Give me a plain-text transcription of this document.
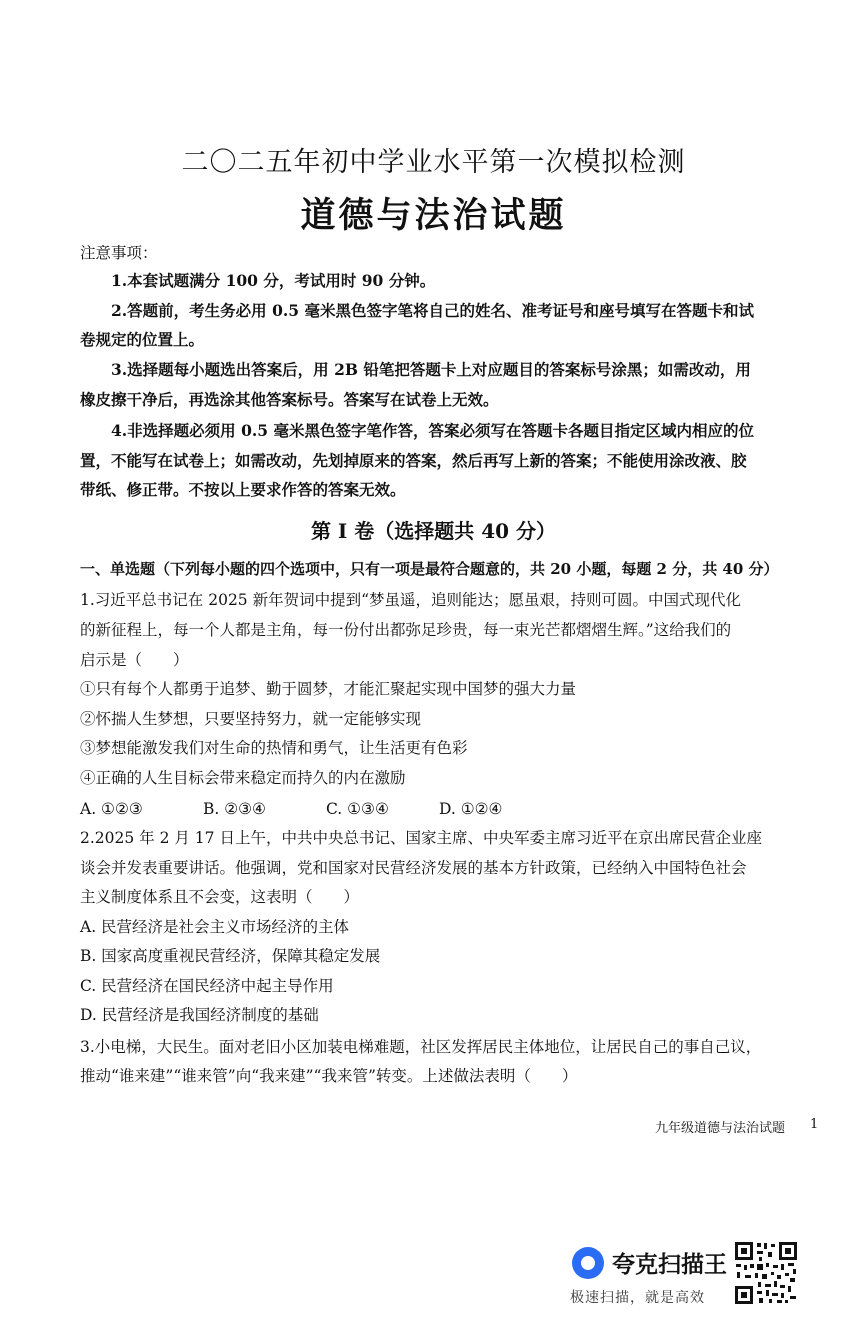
二〇二五年初中学业水平第一次模拟检测
道德与法治试题
注意事项：
1.本套试题满分 100 分，考试用时 90 分钟。
2.答题前，考生务必用 0.5 毫米黑色签字笔将自己的姓名、准考证号和座号填写在答题卡和试
卷规定的位置上。
3.选择题每小题选出答案后，用 2B 铅笔把答题卡上对应题目的答案标号涂黑；如需改动，用
橡皮擦干净后，再选涂其他答案标号。答案写在试卷上无效。
4.非选择题必须用 0.5 毫米黑色签字笔作答，答案必须写在答题卡各题目指定区域内相应的位
置，不能写在试卷上；如需改动，先划掉原来的答案，然后再写上新的答案；不能使用涂改液、胶
带纸、修正带。不按以上要求作答的答案无效。
第 I 卷（选择题共 40 分）
一、单选题（下列每小题的四个选项中，只有一项是最符合题意的，共 20 小题，每题 2 分，共 40 分）
1.习近平总书记在 2025 新年贺词中提到“梦虽遥，追则能达；愿虽艰，持则可圆。中国式现代化
的新征程上，每一个人都是主角，每一份付出都弥足珍贵，每一束光芒都熠熠生辉。”这给我们的
启示是（　　）
①只有每个人都勇于追梦、勤于圆梦，才能汇聚起实现中国梦的强大力量
②怀揣人生梦想，只要坚持努力，就一定能够实现
③梦想能激发我们对生命的热情和勇气，让生活更有色彩
④正确的人生目标会带来稳定而持久的内在激励
A. ①②③	B. ②③④	C. ①③④	D. ①②④
2.2025 年 2 月 17 日上午，中共中央总书记、国家主席、中央军委主席习近平在京出席民营企业座
谈会并发表重要讲话。他强调，党和国家对民营经济发展的基本方针政策，已经纳入中国特色社会
主义制度体系且不会变，这表明（　　）
A. 民营经济是社会主义市场经济的主体
B. 国家高度重视民营经济，保障其稳定发展
C. 民营经济在国民经济中起主导作用
D. 民营经济是我国经济制度的基础
3.小电梯，大民生。面对老旧小区加装电梯难题，社区发挥居民主体地位，让居民自己的事自己议，
推动“谁来建”“谁来管”向“我来建”“我来管”转变。上述做法表明（　　）
九年级道德与法治试题 1
夸克扫描王
极速扫描，就是高效
